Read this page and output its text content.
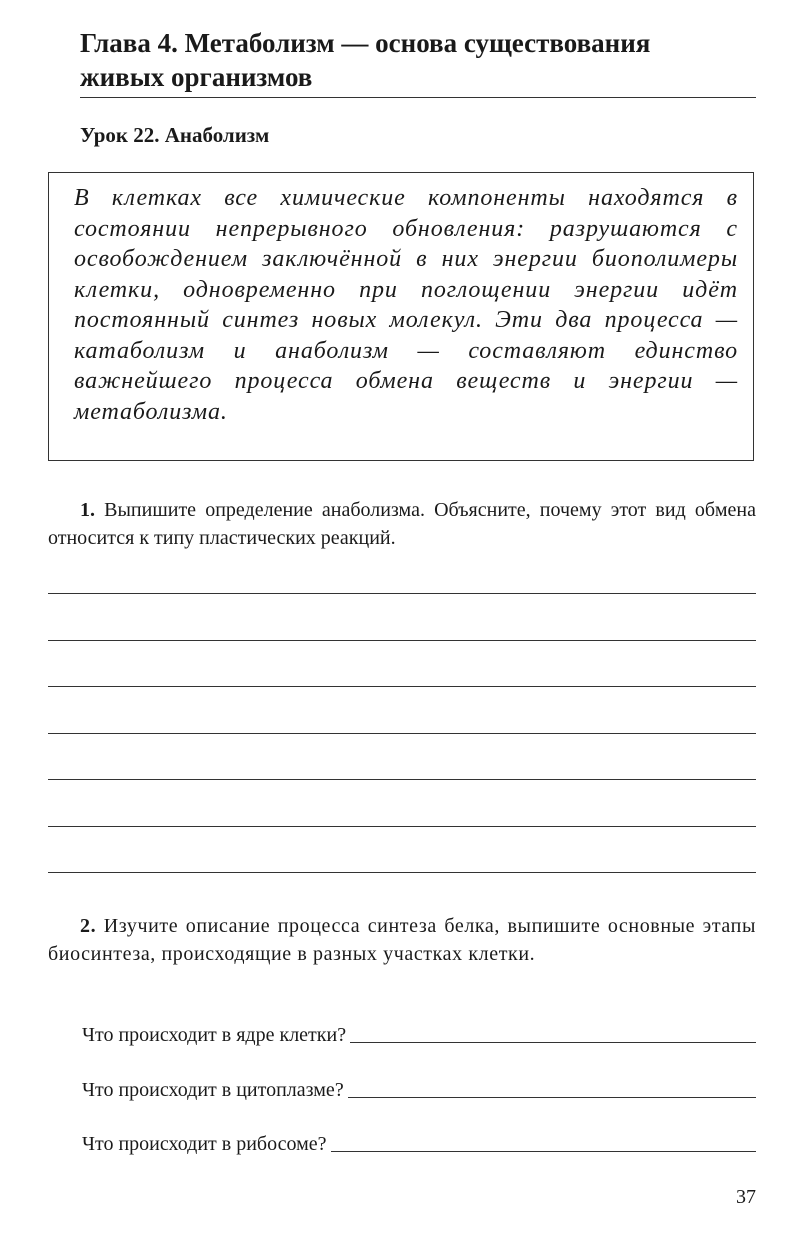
Глава 4. Метаболизм — основа существования живых организмов
Урок 22. Анаболизм

В клетках все химические компоненты находятся в состоянии непрерывного обновления: разрушаются с освобождением заключённой в них энергии биополимеры клетки, одновременно при поглощении энергии идёт постоянный синтез новых молекул. Эти два процесса — катаболизм и анаболизм — составляют единство важнейшего процесса обмена веществ и энергии — метаболизма.

1. Выпишите определение анаболизма. Объясните, почему этот вид обмена относится к типу пластических реакций.

2. Изучите описание процесса синтеза белка, выпишите основные этапы биосинтеза, происходящие в разных участках клетки.

Что происходит в ядре клетки?
Что происходит в цитоплазме?
Что происходит в рибосоме?

37
